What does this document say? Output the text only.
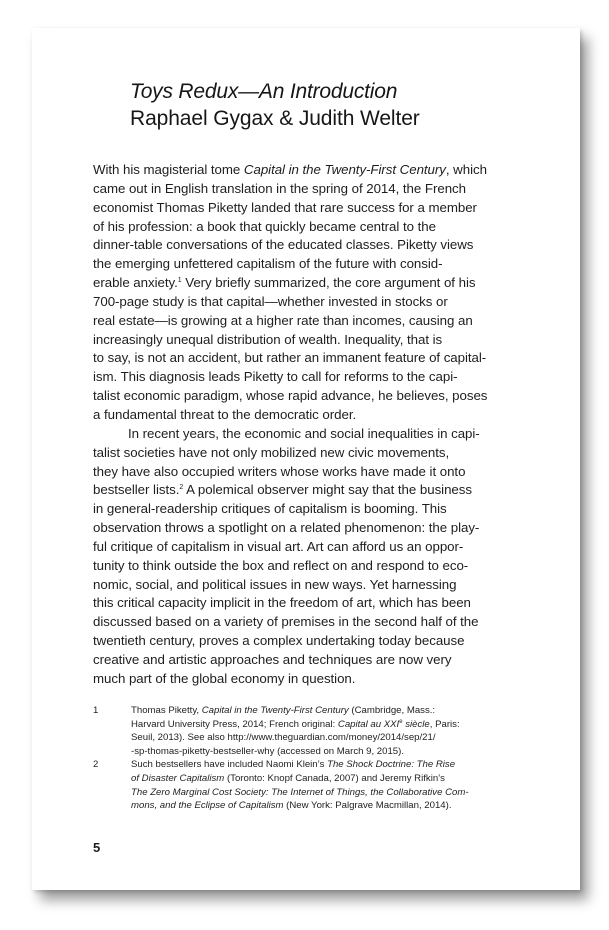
Toys Redux—An Introduction
Raphael Gygax & Judith Welter
With his magisterial tome Capital in the Twenty-First Century, which
came out in English translation in the spring of 2014, the French
economist Thomas Piketty landed that rare success for a member
of his profession: a book that quickly became central to the
dinner-table conversations of the educated classes. Piketty views
the emerging unfettered capitalism of the future with consid-
erable anxiety.$^1$ Very briefly summarized, the core argument of his
700-page study is that capital—whether invested in stocks or
real estate—is growing at a higher rate than incomes, causing an
increasingly unequal distribution of wealth. Inequality, that is
to say, is not an accident, but rather an immanent feature of capital-
ism. This diagnosis leads Piketty to call for reforms to the capi-
talist economic paradigm, whose rapid advance, he believes, poses
a fundamental threat to the democratic order.
In recent years, the economic and social inequalities in capi-
talist societies have not only mobilized new civic movements,
they have also occupied writers whose works have made it onto
bestseller lists.$^2$ A polemical observer might say that the business
in general-readership critiques of capitalism is booming. This
observation throws a spotlight on a related phenomenon: the play-
ful critique of capitalism in visual art. Art can afford us an oppor-
tunity to think outside the box and reflect on and respond to eco-
nomic, social, and political issues in new ways. Yet harnessing
this critical capacity implicit in the freedom of art, which has been
discussed based on a variety of premises in the second half of the
twentieth century, proves a complex undertaking today because
creative and artistic approaches and techniques are now very
much part of the global economy in question.
1	Thomas Piketty, Capital in the Twenty-First Century (Cambridge, Mass.:
Harvard University Press, 2014; French original: Capital au XXIe siècle, Paris:
Seuil, 2013). See also http://www.theguardian.com/money/2014/sep/21/
-sp-thomas-piketty-bestseller-why (accessed on March 9, 2015).
2	Such bestsellers have included Naomi Klein’s The Shock Doctrine: The Rise
of Disaster Capitalism (Toronto: Knopf Canada, 2007) and Jeremy Rifkin’s
The Zero Marginal Cost Society: The Internet of Things, the Collaborative Com-
mons, and the Eclipse of Capitalism (New York: Palgrave Macmillan, 2014).
5
